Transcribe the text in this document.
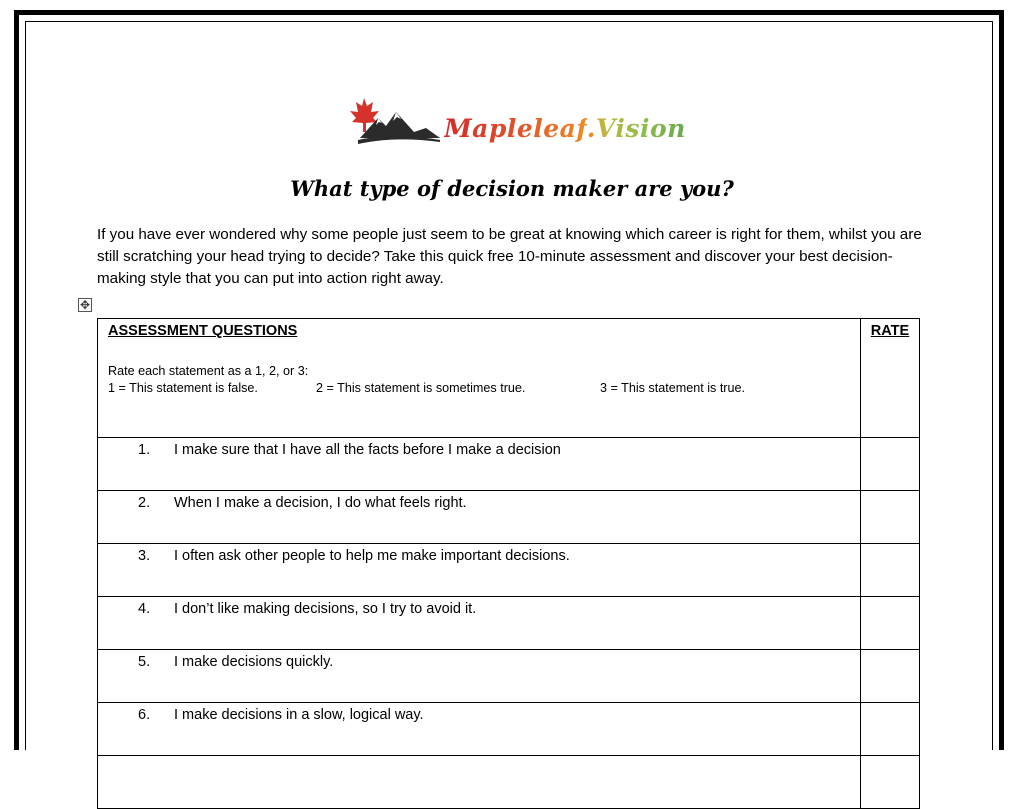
Mapleleaf.Vision
What type of decision maker are you?
If you have ever wondered why some people just seem to be great at knowing which career is right for them, whilst you are still scratching your head trying to decide? Take this quick free 10-minute assessment and discover your best decision-making style that you can put into action right away.
✥
ASSESSMENT QUESTIONS
Rate each statement as a 1, 2, or 3:
1 = This statement is false. 2 = This statement is sometimes true. 3 = This statement is true.	RATE
1. I make sure that I have all the facts before I make a decision	
2. When I make a decision, I do what feels right.	
3. I often ask other people to help me make important decisions.	
4. I don’t like making decisions, so I try to avoid it.	
5. I make decisions quickly.	
6. I make decisions in a slow, logical way.	
